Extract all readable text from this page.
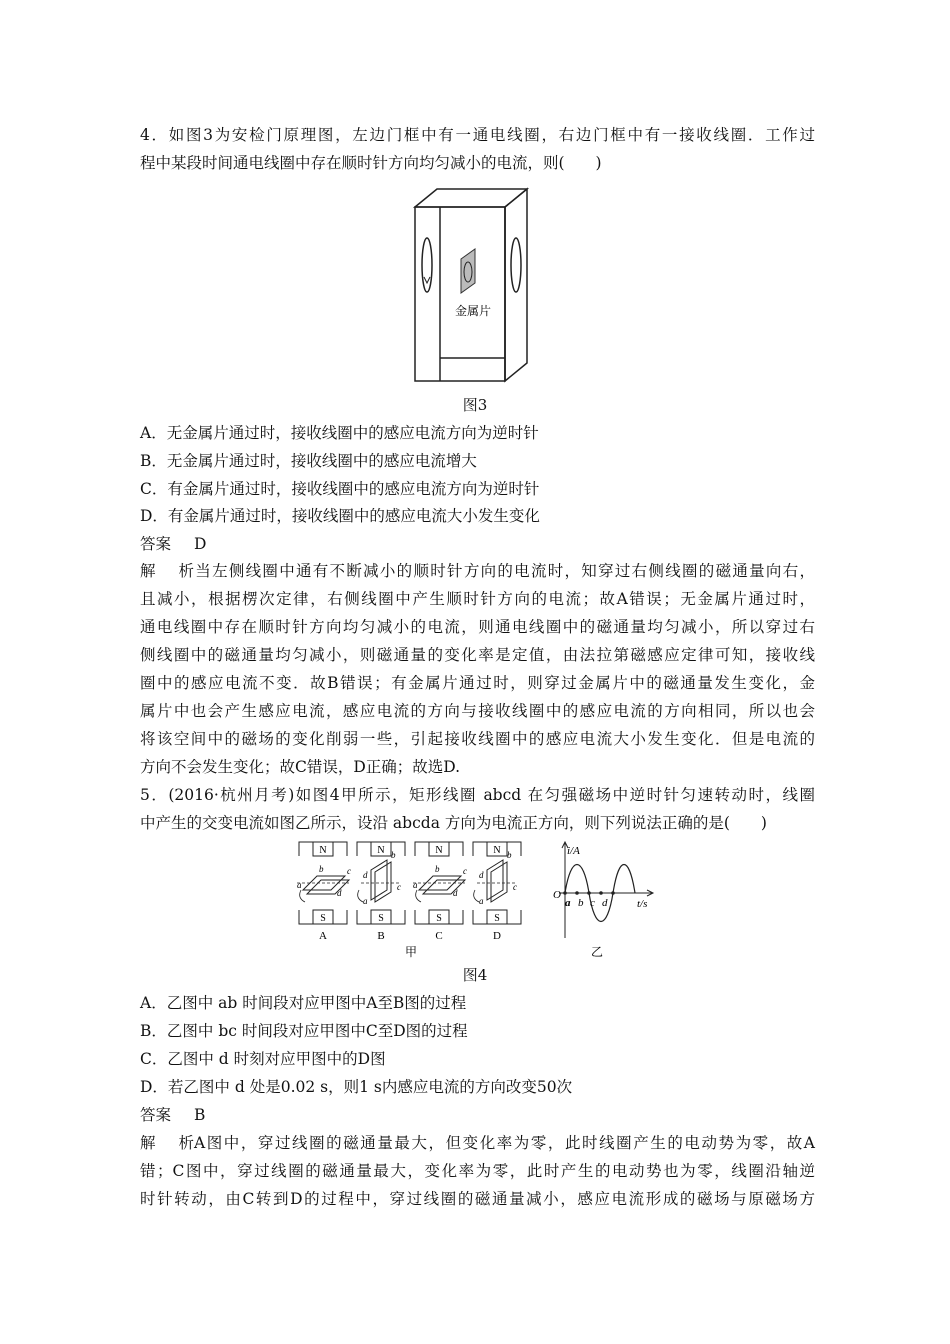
4．如图3为安检门原理图，左边门框中有一通电线圈，右边门框中有一接收线圈．工作过
程中某段时间通电线圈中存在顺时针方向均匀减小的电流，则(　　)
金属片
图3
A．无金属片通过时，接收线圈中的感应电流方向为逆时针
B．无金属片通过时，接收线圈中的感应电流增大
C．有金属片通过时，接收线圈中的感应电流方向为逆时针
D．有金属片通过时，接收线圈中的感应电流大小发生变化
答案 D
解析当左侧线圈中通有不断减小的顺时针方向的电流时，知穿过右侧线圈的磁通量向右，
且减小，根据楞次定律，右侧线圈中产生顺时针方向的电流；故A错误；无金属片通过时，
通电线圈中存在顺时针方向均匀减小的电流，则通电线圈中的磁通量均匀减小，所以穿过右
侧线圈中的磁通量均匀减小，则磁通量的变化率是定值，由法拉第磁感应定律可知，接收线
圈中的感应电流不变．故B错误；有金属片通过时，则穿过金属片中的磁通量发生变化，金
属片中也会产生感应电流，感应电流的方向与接收线圈中的感应电流的方向相同，所以也会
将该空间中的磁场的变化削弱一些，引起接收线圈中的感应电流大小发生变化．但是电流的
方向不会发生变化；故C错误，D正确；故选D.
5．(2016·杭州月考)如图4甲所示，矩形线圈 abcd 在匀强磁场中逆时针匀速转动时，线圈
中产生的交变电流如图乙所示，设沿 abcda 方向为电流正方向，则下列说法正确的是(　　)
N
S
a
b	c
d
A
N
S
a
b
c
d
B
N
S
a
b	c
d
C
N
S
a
b
c
d
D
甲
i/A
t/s
O
a b c d
乙
图4
A．乙图中 ab 时间段对应甲图中A至B图的过程
B．乙图中 bc 时间段对应甲图中C至D图的过程
C．乙图中 d 时刻对应甲图中的D图
D．若乙图中 d 处是0.02 s，则1 s内感应电流的方向改变50次
答案 B
解析A图中，穿过线圈的磁通量最大，但变化率为零，此时线圈产生的电动势为零，故A
错；C图中，穿过线圈的磁通量最大，变化率为零，此时产生的电动势也为零，线圈沿轴逆
时针转动，由C转到D的过程中，穿过线圈的磁通量减小，感应电流形成的磁场与原磁场方
